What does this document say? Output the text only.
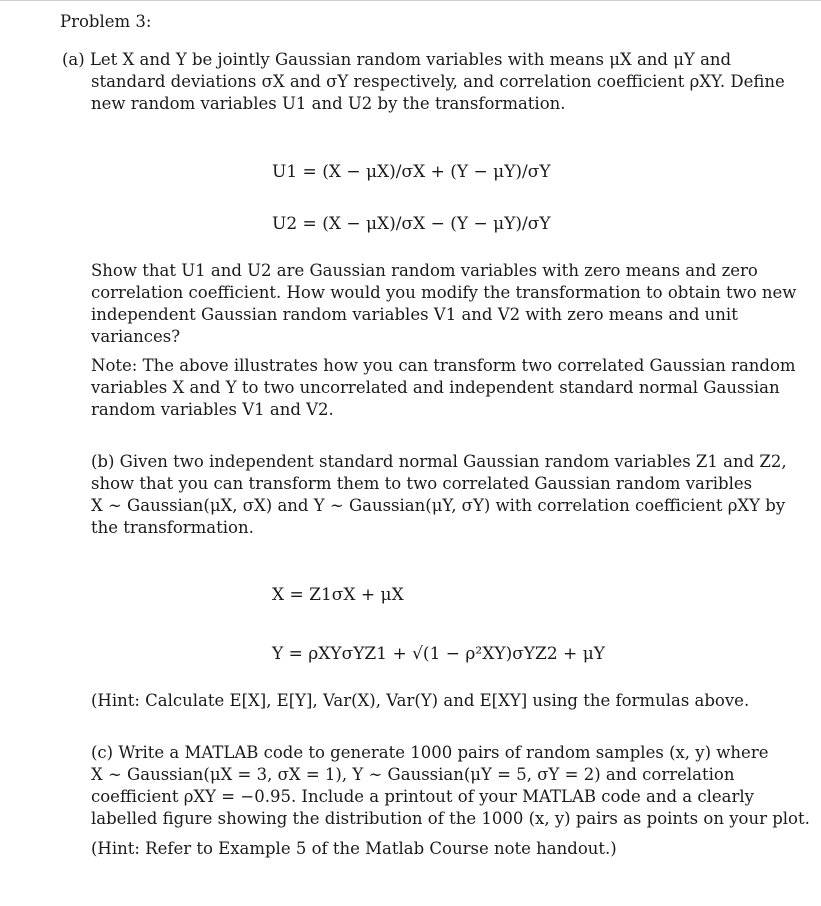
Problem 3:
(a) Let X and Y be jointly Gaussian random variables with means μX and μY and
standard deviations σX and σY respectively, and correlation coefficient ρXY. Define
new random variables U1 and U2 by the transformation.
U1 = (X − μX)/σX + (Y − μY)/σY
U2 = (X − μX)/σX − (Y − μY)/σY
Show that U1 and U2 are Gaussian random variables with zero means and zero
correlation coefficient. How would you modify the transformation to obtain two new
independent Gaussian random variables V1 and V2 with zero means and unit
variances?
Note: The above illustrates how you can transform two correlated Gaussian random
variables X and Y to two uncorrelated and independent standard normal Gaussian
random variables V1 and V2.
(b) Given two independent standard normal Gaussian random variables Z1 and Z2,
show that you can transform them to two correlated Gaussian random varibles
X ∼ Gaussian(μX, σX) and Y ∼ Gaussian(μY, σY) with correlation coefficient ρXY by
the transformation.
X = Z1σX + μX
Y = ρXYσYZ1 + √(1 − ρ²XY)σYZ2 + μY
(Hint: Calculate E[X], E[Y], Var(X), Var(Y) and E[XY] using the formulas above.
(c) Write a MATLAB code to generate 1000 pairs of random samples (x, y) where
X ∼ Gaussian(μX = 3, σX = 1), Y ∼ Gaussian(μY = 5, σY = 2) and correlation
coefficient ρXY = −0.95. Include a printout of your MATLAB code and a clearly
labelled figure showing the distribution of the 1000 (x, y) pairs as points on your plot.
(Hint: Refer to Example 5 of the Matlab Course note handout.)
